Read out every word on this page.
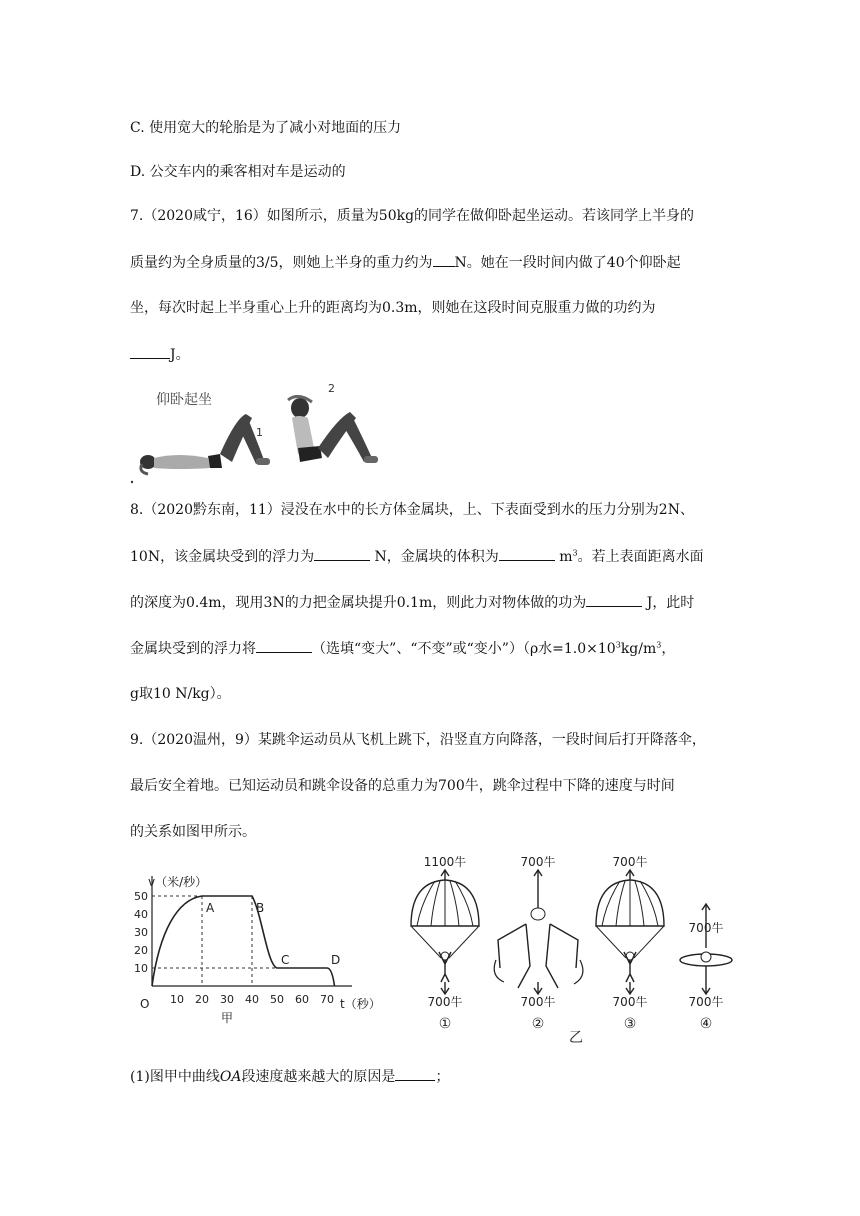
C. 使用宽大的轮胎是为了减小对地面的压力
D. 公交车内的乘客相对车是运动的
7.（2020咸宁，16）如图所示，质量为50kg的同学在做仰卧起坐运动。若该同学上半身的
质量约为全身质量的3/5，则她上半身的重力约为 N。她在一段时间内做了40个仰卧起
坐，每次时起上半身重心上升的距离均为0.3m，则她在这段时间克服重力做的功约为
J。
仰卧起坐
1
2
8.（2020黔东南，11）浸没在水中的长方体金属块，上、下表面受到水的压力分别为2N、
10N，该金属块受到的浮力为	N，金属块的体积为	$m^3$。若上表面距离水面
的深度为0.4m，现用3N的力把金属块提升0.1m，则此力对物体做的功为	J，此时
金属块受到的浮力将	（选填“变大”、“不变”或“变小”）（ρ水$=1.0\times 10^3kg/m^3$，
g取10 N/kg）。
9.（2020温州，9）某跳伞运动员从飞机上跳下，沿竖直方向降落，一段时间后打开降落伞，
最后安全着地。已知运动员和跳伞设备的总重力为700牛，跳伞过程中下降的速度与时间
的关系如图甲所示。
v（米/秒）
t（秒）
O
甲
10 20 30 40 50 60 70
10
20
30
40
50
A	B
C	D
1100牛
700牛
①
700牛
700牛
②
700牛
700牛
③
700牛
700牛
④
乙
(1)图甲中曲线OA段速度越来越大的原因是	；
